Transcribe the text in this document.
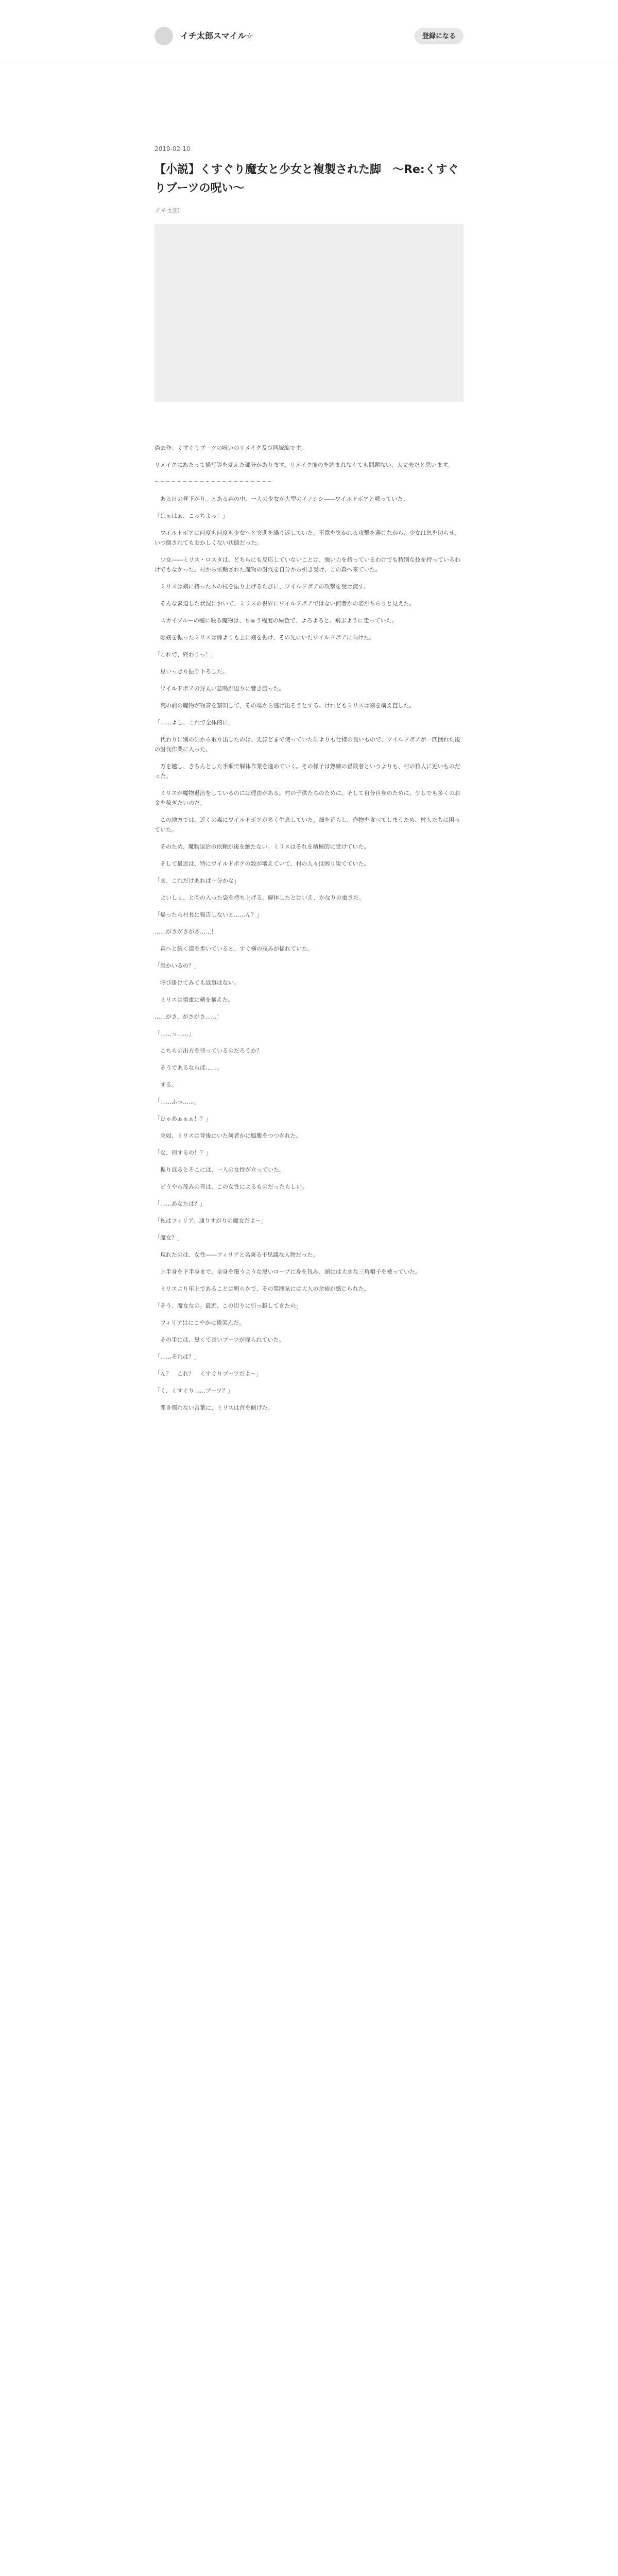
イチ太郎スマイル☆	登録になる
2019-02-10
【小説】くすぐり魔女と少女と複製された脚　〜Re:くすぐりブーツの呪い〜
イチ太郎

過去作：くすぐりブーツの呪いのリメイク及び同続編です。

リメイクにあたって描写等を変えた部分があります。リメイク前のを読まれなくても問題ない、大丈夫だと思います。

〜〜〜〜〜〜〜〜〜〜〜〜〜〜〜〜〜〜〜〜〜

　ある日の昼下がり。とある森の中、一人の少女が大型のイノシシ――ワイルドボアと戦っていた。

「はぁはぁ、こっちよっ！」

　ワイルドボアは何度も何度も少女へと突進を繰り返していた。不意を突かれる攻撃を避けながら、少女は息を切らせ、いつ倒されてもおかしくない状態だった。

　少女――ミリス・ロスタは、どちらにも反応していないことは、強い力を持っているわけでも特別な技を持っているわけでもなかった。村から依頼された魔物の討伐を自分から引き受け、この森へ来ていた。

　ミリスは剣に持った木の枝を振り上げるたびに、ワイルドボアの攻撃を受け流す。

　そんな緊迫した状況において、ミリスの視界にワイルドボアではない何者かの姿がちらりと見えた。

　スカイブルーの瞳に映る魔物は、ちゅう程度の緑色で、よろよろと、飛ぶように走っていた。

　隙剣を振ったミリスは脚よりも上に剣を振け、その先にいたワイルドボアに向けた。

「これで、終わりっ！」

　思いっきり振り下ろした。

　ワイルドボアの野太い悲鳴が辺りに響き渡った。

　荒の前の魔物が物音を察知して、その場から逃げ出そうとする。けれどもミリスは剣を構え直した。

「……よし、これで全体的に」

　代わりに別の剣から取り出したのは、先ほどまで使っていた剣よりも仕様の良いもので、ワイルドボアが一匹倒れた後の討伐作業に入った。

　万を越し、きちんとした手順で解体作業を進めていく。その様子は熟練の冒険者というよりも、村の狩人に近いものだった。

　ミリスが魔物退治をしているのには理由がある。村の子供たちのために、そして自分自身のために、少しでも多くのお金を稼ぎたいのだ。

　この地方では、近くの森にワイルドボアが多く生息していた。畑を荒らし、作物を食べてしまうため、村人たちは困っていた。

　そのため、魔物退治の依頼が後を絶たない。ミリスはそれを積極的に受けていた。

　そして最近は、特にワイルドボアの数が増えていて、村の人々は困り果てていた。

「ま、これだけあれば十分かな」

　よいしょ、と肉の入った袋を持ち上げる。解体したとはいえ、かなりの重さだ。

「帰ったら村長に報告しないと……ん？」

……がさがさがさ……！

　森へと続く道を歩いていると、すぐ横の茂みが揺れていた。

「誰かいるの？」

　呼び掛けてみても返事はない。

　ミリスは慎重に剣を構えた。

……がさ、がさがさ……！

「……っ……」

　こちらの出方を待っているのだろうか？

　そうであるならば……。

　する。

「……ふっ……」

「ひゃあぁぁぁ！？」

　突如、ミリスは背後にいた何者かに脇腹をつつかれた。

「な、何するの！？」

　振り返るとそこには、一人の女性が立っていた。

　どうやら茂みの音は、この女性によるものだったらしい。

「……あなたは？」

「私はフィリア。通りすがりの魔女だよ〜」

「魔女？」

　現れたのは、女性――フィリアと名乗る不思議な人物だった。

　上半身を下半身まで、全身を覆うような黒いローブに身を包み、頭には大きな三角帽子を被っていた。

　ミリスより年上であることは明らかで、その雰囲気には大人の余裕が感じられた。

「そう、魔女なの。最近、この辺りに引っ越してきたの」

　フィリアはにこやかに微笑んだ。

　その手には、黒くて長いブーツが握られていた。

「……それは？」

「ん？　これ？　くすぐりブーツだよ〜」

「く、くすぐり……ブーツ？」

　聞き慣れない言葉に、ミリスは首を傾げた。
